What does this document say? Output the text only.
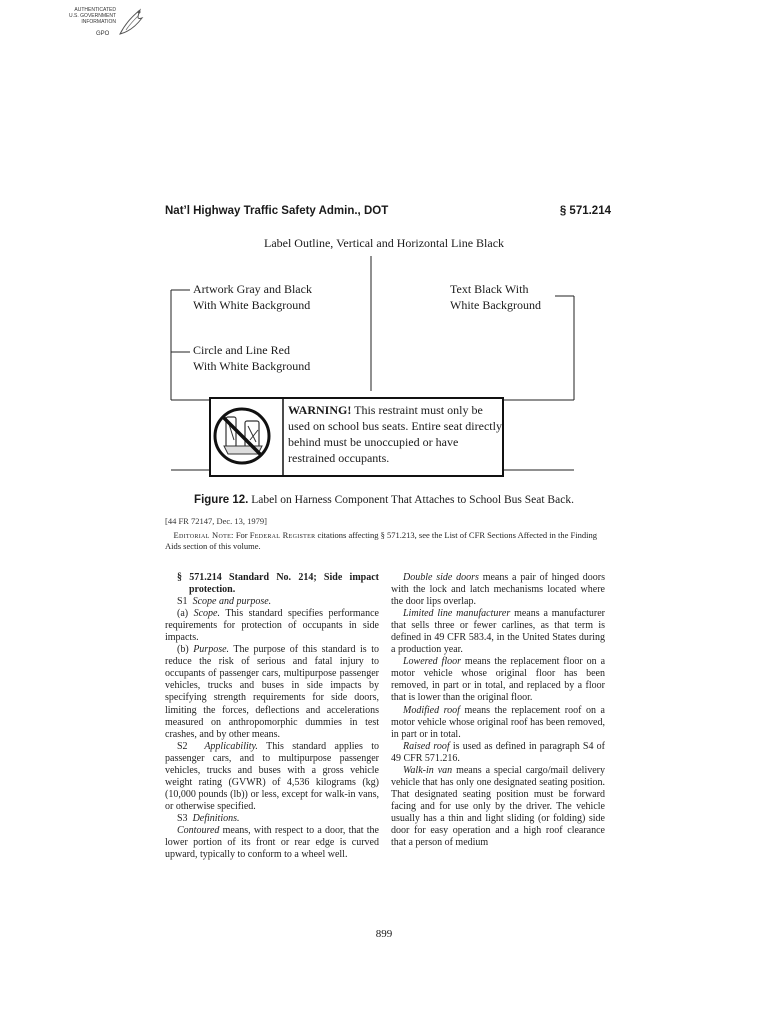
AUTHENTICATED
U.S. GOVERNMENT
INFORMATION
GPO
Nat’l Highway Traffic Safety Admin., DOT	§ 571.214
Label Outline, Vertical and Horizontal Line Black
Artwork Gray and Black
With White Background
Text Black With
White Background
Circle and Line Red
With White Background
WARNING! This restraint must only be used on school bus seats. Entire seat directly behind must be unoccupied or have restrained occupants.
Figure 12. Label on Harness Component That Attaches to School Bus Seat Back.
[44 FR 72147, Dec. 13, 1979]
Editorial Note: For Federal Register citations affecting § 571.213, see the List of CFR Sections Affected in the Finding Aids section of this volume.

§ 571.214 Standard No. 214; Side impact protection.

S1 Scope and purpose.

(a) Scope. This standard specifies performance requirements for protection of occupants in side impacts.

(b) Purpose. The purpose of this standard is to reduce the risk of serious and fatal injury to occupants of passenger cars, multipurpose passenger vehicles, trucks and buses in side impacts by specifying strength requirements for side doors, limiting the forces, deflections and accelerations measured on anthropomorphic dummies in test crashes, and by other means.

S2 Applicability. This standard applies to passenger cars, and to multipurpose passenger vehicles, trucks and buses with a gross vehicle weight rating (GVWR) of 4,536 kilograms (kg) (10,000 pounds (lb)) or less, except for walk-in vans, or otherwise specified.

S3 Definitions.

Contoured means, with respect to a door, that the lower portion of its front or rear edge is curved upward, typically to conform to a wheel well.

Double side doors means a pair of hinged doors with the lock and latch mechanisms located where the door lips overlap.

Limited line manufacturer means a manufacturer that sells three or fewer carlines, as that term is defined in 49 CFR 583.4, in the United States during a production year.

Lowered floor means the replacement floor on a motor vehicle whose original floor has been removed, in part or in total, and replaced by a floor that is lower than the original floor.

Modified roof means the replacement roof on a motor vehicle whose original roof has been removed, in part or in total.

Raised roof is used as defined in paragraph S4 of 49 CFR 571.216.

Walk-in van means a special cargo/mail delivery vehicle that has only one designated seating position. That designated seating position must be forward facing and for use only by the driver. The vehicle usually has a thin and light sliding (or folding) side door for easy operation and a high roof clearance that a person of medium

899
